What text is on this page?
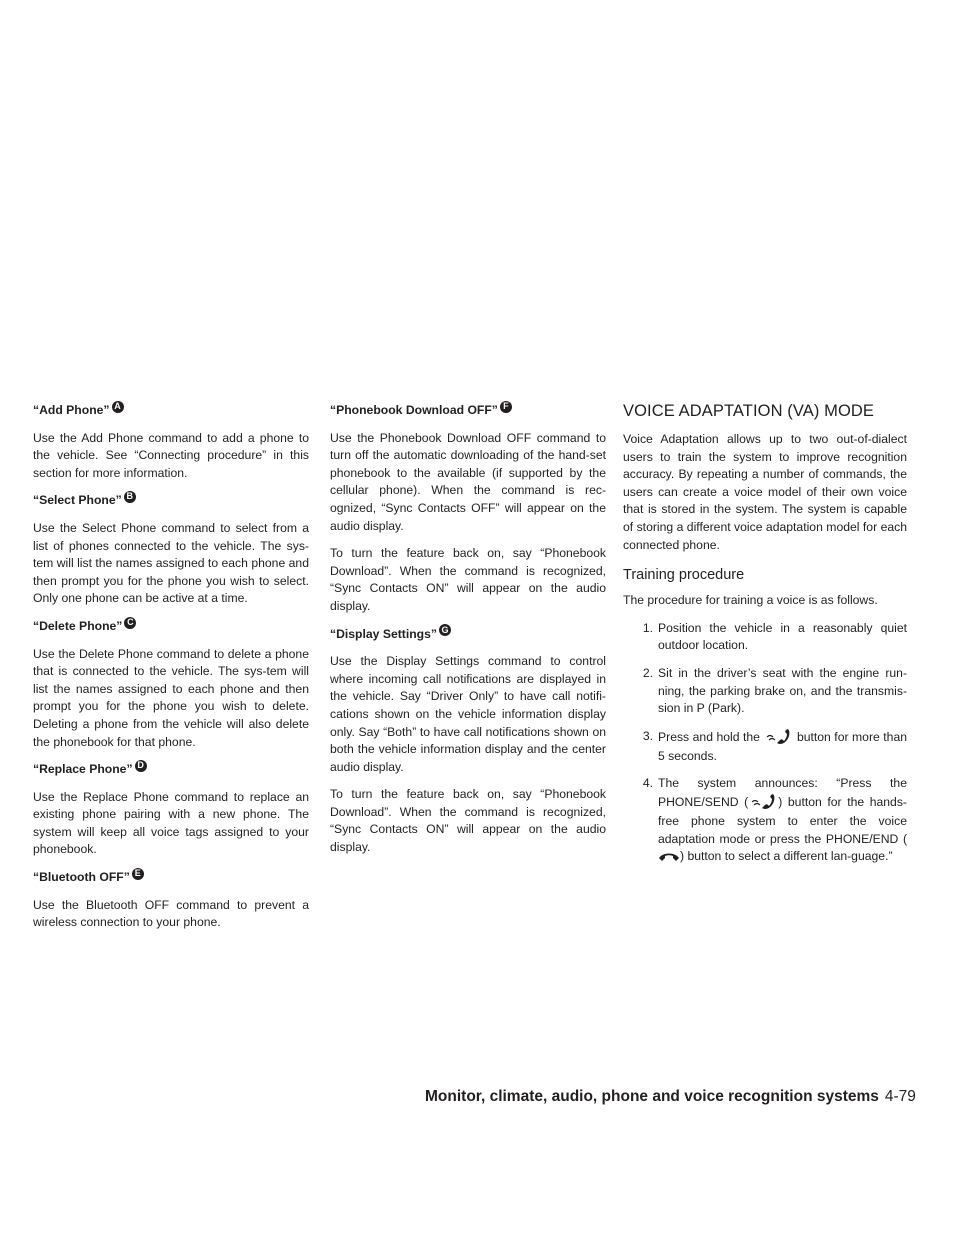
“Add Phone” A

Use the Add Phone command to add a phone to the vehicle. See “Connecting procedure” in this section for more information.

“Select Phone” B

Use the Select Phone command to select from a list of phones connected to the vehicle. The sys-tem will list the names assigned to each phone and then prompt you for the phone you wish to select. Only one phone can be active at a time.

“Delete Phone” C

Use the Delete Phone command to delete a phone that is connected to the vehicle. The sys-tem will list the names assigned to each phone and then prompt you for the phone you wish to delete. Deleting a phone from the vehicle will also delete the phonebook for that phone.

“Replace Phone” D

Use the Replace Phone command to replace an existing phone pairing with a new phone. The system will keep all voice tags assigned to your phonebook.

“Bluetooth OFF” E

Use the Bluetooth OFF command to prevent a wireless connection to your phone.

“Phonebook Download OFF” F

Use the Phonebook Download OFF command to turn off the automatic downloading of the hand-set phonebook to the available (if supported by the cellular phone). When the command is rec-ognized, “Sync Contacts OFF” will appear on the audio display.

To turn the feature back on, say “Phonebook Download”. When the command is recognized, “Sync Contacts ON” will appear on the audio display.

“Display Settings” G

Use the Display Settings command to control where incoming call notifications are displayed in the vehicle. Say “Driver Only” to have call notifi-cations shown on the vehicle information display only. Say “Both” to have call notifications shown on both the vehicle information display and the center audio display.

To turn the feature back on, say “Phonebook Download”. When the command is recognized, “Sync Contacts ON” will appear on the audio display.

VOICE ADAPTATION (VA) MODE

Voice Adaptation allows up to two out-of-dialect users to train the system to improve recognition accuracy. By repeating a number of commands, the users can create a voice model of their own voice that is stored in the system. The system is capable of storing a different voice adaptation model for each connected phone.

Training procedure

The procedure for training a voice is as follows.

1. Position the vehicle in a reasonably quiet outdoor location.
2. Sit in the driver’s seat with the engine run-ning, the parking brake on, and the transmis-sion in P (Park).
3. Press and hold the	button for more than 5 seconds.
4. The system announces: “Press the PHONE/SEND ( ) button for the hands-free phone system to enter the voice adaptation mode or press the PHONE/END () button to select a different lan-guage.”
Monitor, climate, audio, phone and voice recognition systems 4-79
